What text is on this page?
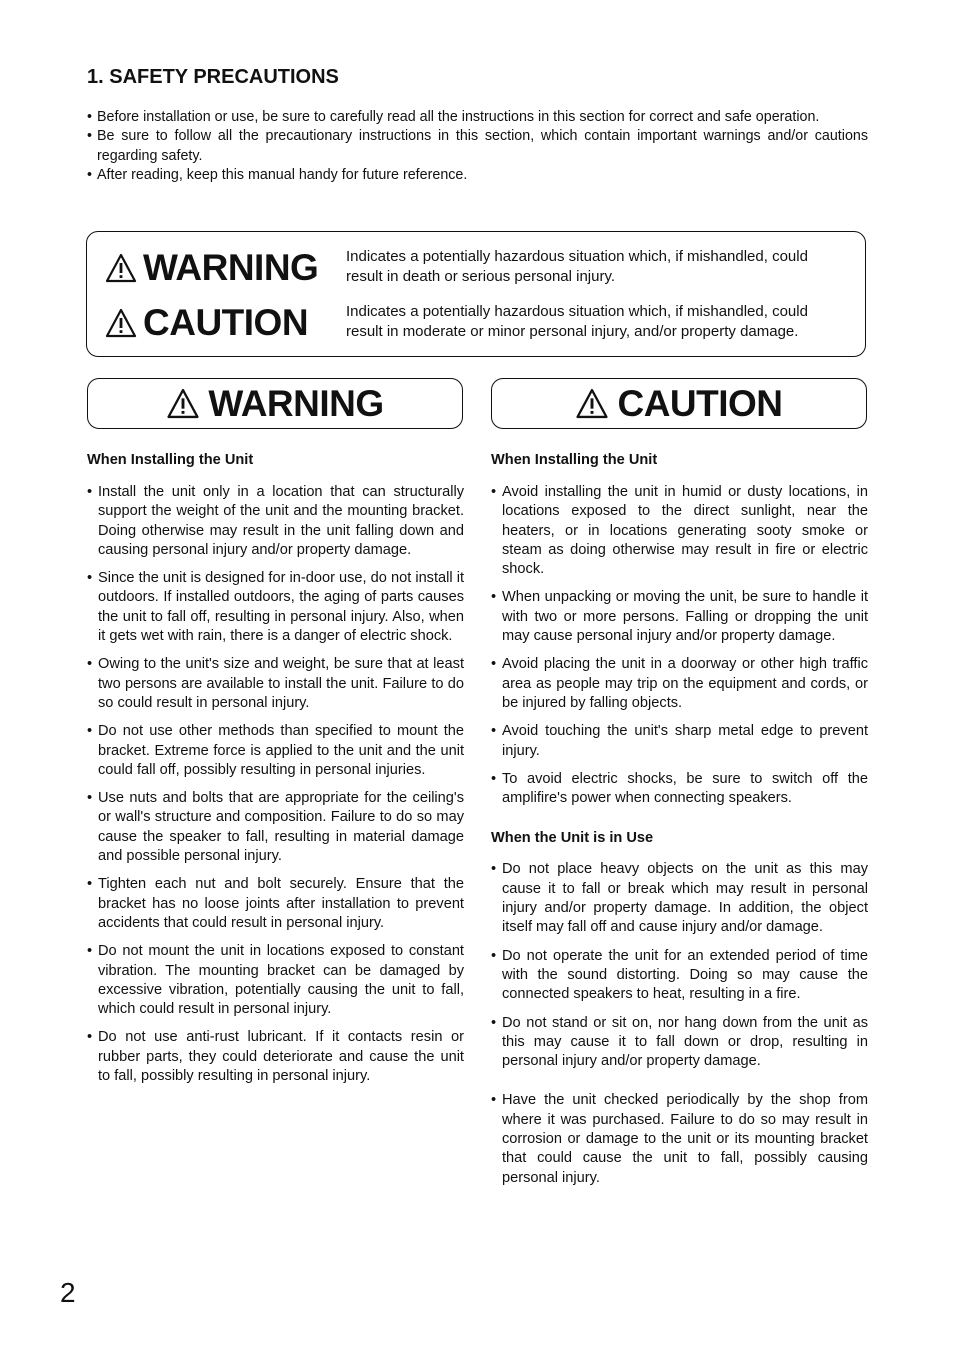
1. SAFETY PRECAUTIONS
• Before installation or use, be sure to carefully read all the instructions in this section for correct and safe operation.
• Be sure to follow all the precautionary instructions in this section, which contain important warnings and/or cautions regarding safety.
• After reading, keep this manual handy for future reference.
WARNING Indicates a potentially hazardous situation which, if mishandled, could result in death or serious personal injury.
CAUTION	Indicates a potentially hazardous situation which, if mishandled, could result in moderate or minor personal injury, and/or property damage.
WARNING	CAUTION
When Installing the Unit
• Install the unit only in a location that can structurally support the weight of the unit and the mounting bracket. Doing otherwise may result in the unit falling down and causing personal injury and/or property damage.
• Since the unit is designed for in-door use, do not install it outdoors. If installed outdoors, the aging of parts causes the unit to fall off, resulting in personal injury. Also, when it gets wet with rain, there is a danger of electric shock.
• Owing to the unit's size and weight, be sure that at least two persons are available to install the unit. Failure to do so could result in personal injury.
• Do not use other methods than specified to mount the bracket. Extreme force is applied to the unit and the unit could fall off, possibly resulting in personal injuries.
• Use nuts and bolts that are appropriate for the ceiling's or wall's structure and composition. Failure to do so may cause the speaker to fall, resulting in material damage and possible personal injury.
• Tighten each nut and bolt securely. Ensure that the bracket has no loose joints after installation to prevent accidents that could result in personal injury.
• Do not mount the unit in locations exposed to constant vibration. The mounting bracket can be damaged by excessive vibration, potentially causing the unit to fall, which could result in personal injury.
• Do not use anti-rust lubricant. If it contacts resin or rubber parts, they could deteriorate and cause the unit to fall, possibly resulting in personal injury.
When Installing the Unit
• Avoid installing the unit in humid or dusty locations, in locations exposed to the direct sunlight, near the heaters, or in locations generating sooty smoke or steam as doing otherwise may result in fire or electric shock.
• When unpacking or moving the unit, be sure to handle it with two or more persons. Falling or dropping the unit may cause personal injury and/or property damage.
• Avoid placing the unit in a doorway or other high traffic area as people may trip on the equipment and cords, or be injured by falling objects.
• Avoid touching the unit's sharp metal edge to prevent injury.
• To avoid electric shocks, be sure to switch off the amplifire's power when connecting speakers.
When the Unit is in Use
• Do not place heavy objects on the unit as this may cause it to fall or break which may result in personal injury and/or property damage. In addition, the object itself may fall off and cause injury and/or damage.
• Do not operate the unit for an extended period of time with the sound distorting. Doing so may cause the connected speakers to heat, resulting in a fire.
• Do not stand or sit on, nor hang down from the unit as this may cause it to fall down or drop, resulting in personal injury and/or property damage.
• Have the unit checked periodically by the shop from where it was purchased. Failure to do so may result in corrosion or damage to the unit or its mounting bracket that could cause the unit to fall, possibly causing personal injury.
2
